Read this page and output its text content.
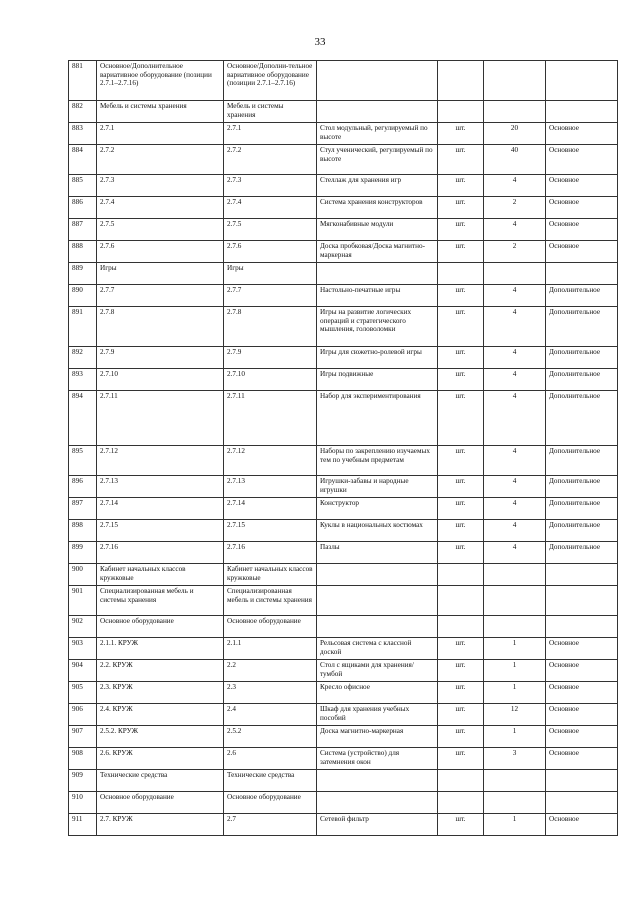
33
881	Основное/Дополнительное вариативное оборудование (позиции 2.7.1–2.7.16)	Основное/Дополни-тельное вариативное оборудование (позиции 2.7.1–2.7.16)				
882	Мебель и системы хранения	Мебель и системы хранения				
883	2.7.1	2.7.1	Стол модульный, регулируемый по высоте	шт.	20	Основное
884	2.7.2	2.7.2	Стул ученический, регулируемый по высоте	шт.	40	Основное
885	2.7.3	2.7.3	Стеллаж для хранения игр	шт.	4	Основное
886	2.7.4	2.7.4	Система хранения конструкторов	шт.	2	Основное
887	2.7.5	2.7.5	Мягконабивные модули	шт.	4	Основное
888	2.7.6	2.7.6	Доска пробковая/Доска магнитно-маркерная	шт.	2	Основное
889	Игры	Игры				
890	2.7.7	2.7.7	Настольно-печатные игры	шт.	4	Дополнительное
891	2.7.8	2.7.8	Игры на развитие логических операций и стратегического мышления, головоломки	шт.	4	Дополнительное
892	2.7.9	2.7.9	Игры для сюжетно-ролевой игры	шт.	4	Дополнительное
893	2.7.10	2.7.10	Игры подвижные	шт.	4	Дополнительное
894	2.7.11	2.7.11	Набор для экспериментирования	шт.	4	Дополнительное
895	2.7.12	2.7.12	Наборы по закреплению изучаемых тем по учебным предметам	шт.	4	Дополнительное
896	2.7.13	2.7.13	Игрушки-забавы и народные игрушки	шт.	4	Дополнительное
897	2.7.14	2.7.14	Конструктор	шт.	4	Дополнительное
898	2.7.15	2.7.15	Куклы в национальных костюмах	шт.	4	Дополнительное
899	2.7.16	2.7.16	Пазлы	шт.	4	Дополнительное
900	Кабинет начальных классов кружковые	Кабинет начальных классов кружковые				
901	Специализированная мебель и системы хранения	Специализированная мебель и системы хранения				
902	Основное оборудование	Основное оборудование				
903	2.1.1. КРУЖ	2.1.1	Рельсовая система с классной доской	шт.	1	Основное
904	2.2. КРУЖ	2.2	Стол с ящиками для хранения/тумбой	шт.	1	Основное
905	2.3. КРУЖ	2.3	Кресло офисное	шт.	1	Основное
906	2.4. КРУЖ	2.4	Шкаф для хранения учебных пособий	шт.	12	Основное
907	2.5.2. КРУЖ	2.5.2	Доска магнитно-маркерная	шт.	1	Основное
908	2.6. КРУЖ	2.6	Система (устройство) для затемнения окон	шт.	3	Основное
909	Технические средства	Технические средства				
910	Основное оборудование	Основное оборудование				
911	2.7. КРУЖ	2.7	Сетевой фильтр	шт.	1	Основное
